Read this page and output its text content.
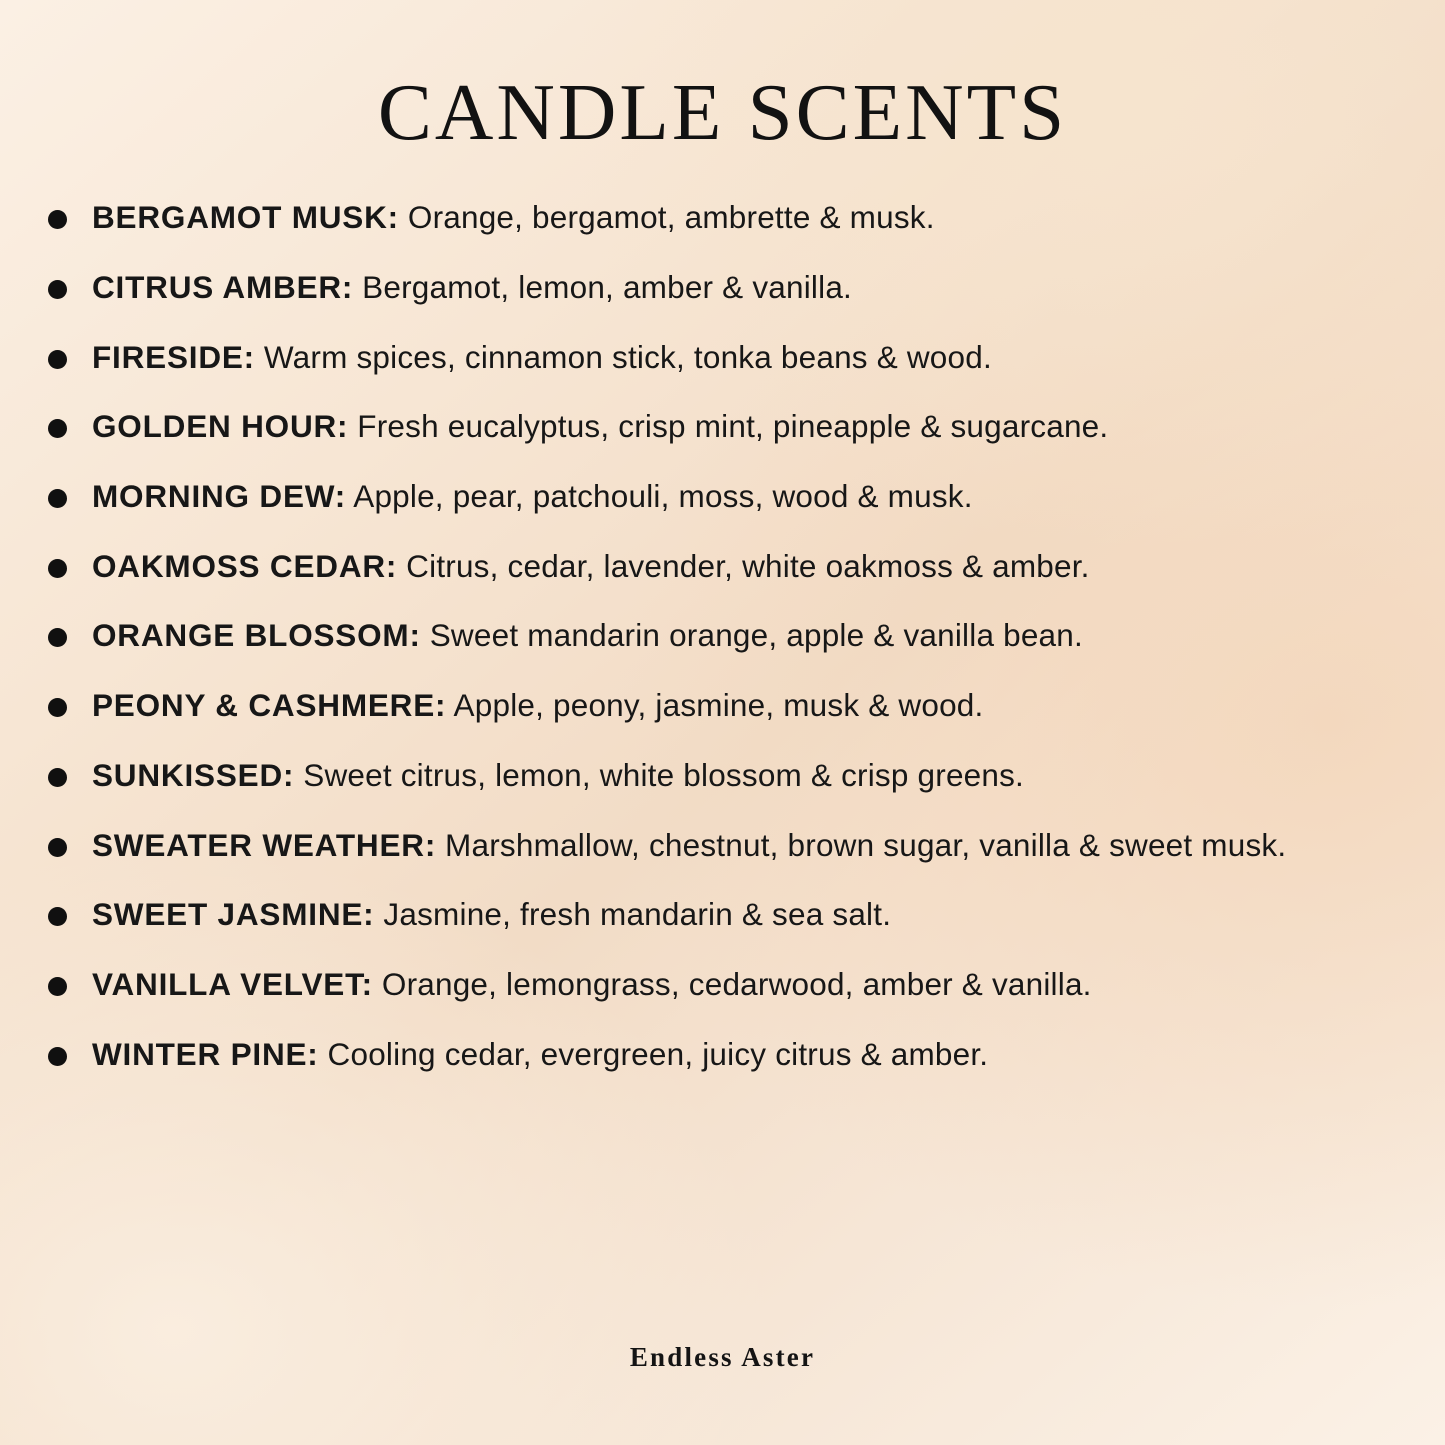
CANDLE SCENTS
BERGAMOT MUSK: Orange, bergamot, ambrette & musk.
CITRUS AMBER: Bergamot, lemon, amber & vanilla.
FIRESIDE: Warm spices, cinnamon stick, tonka beans & wood.
GOLDEN HOUR: Fresh eucalyptus, crisp mint, pineapple & sugarcane.
MORNING DEW: Apple, pear, patchouli, moss, wood & musk.
OAKMOSS CEDAR: Citrus, cedar, lavender, white oakmoss & amber.
ORANGE BLOSSOM: Sweet mandarin orange, apple & vanilla bean.
PEONY & CASHMERE: Apple, peony, jasmine, musk & wood.
SUNKISSED: Sweet citrus, lemon, white blossom & crisp greens.
SWEATER WEATHER: Marshmallow, chestnut, brown sugar, vanilla & sweet musk.
SWEET JASMINE: Jasmine, fresh mandarin & sea salt.
VANILLA VELVET: Orange, lemongrass, cedarwood, amber & vanilla.
WINTER PINE: Cooling cedar, evergreen, juicy citrus & amber.
Endless Aster
